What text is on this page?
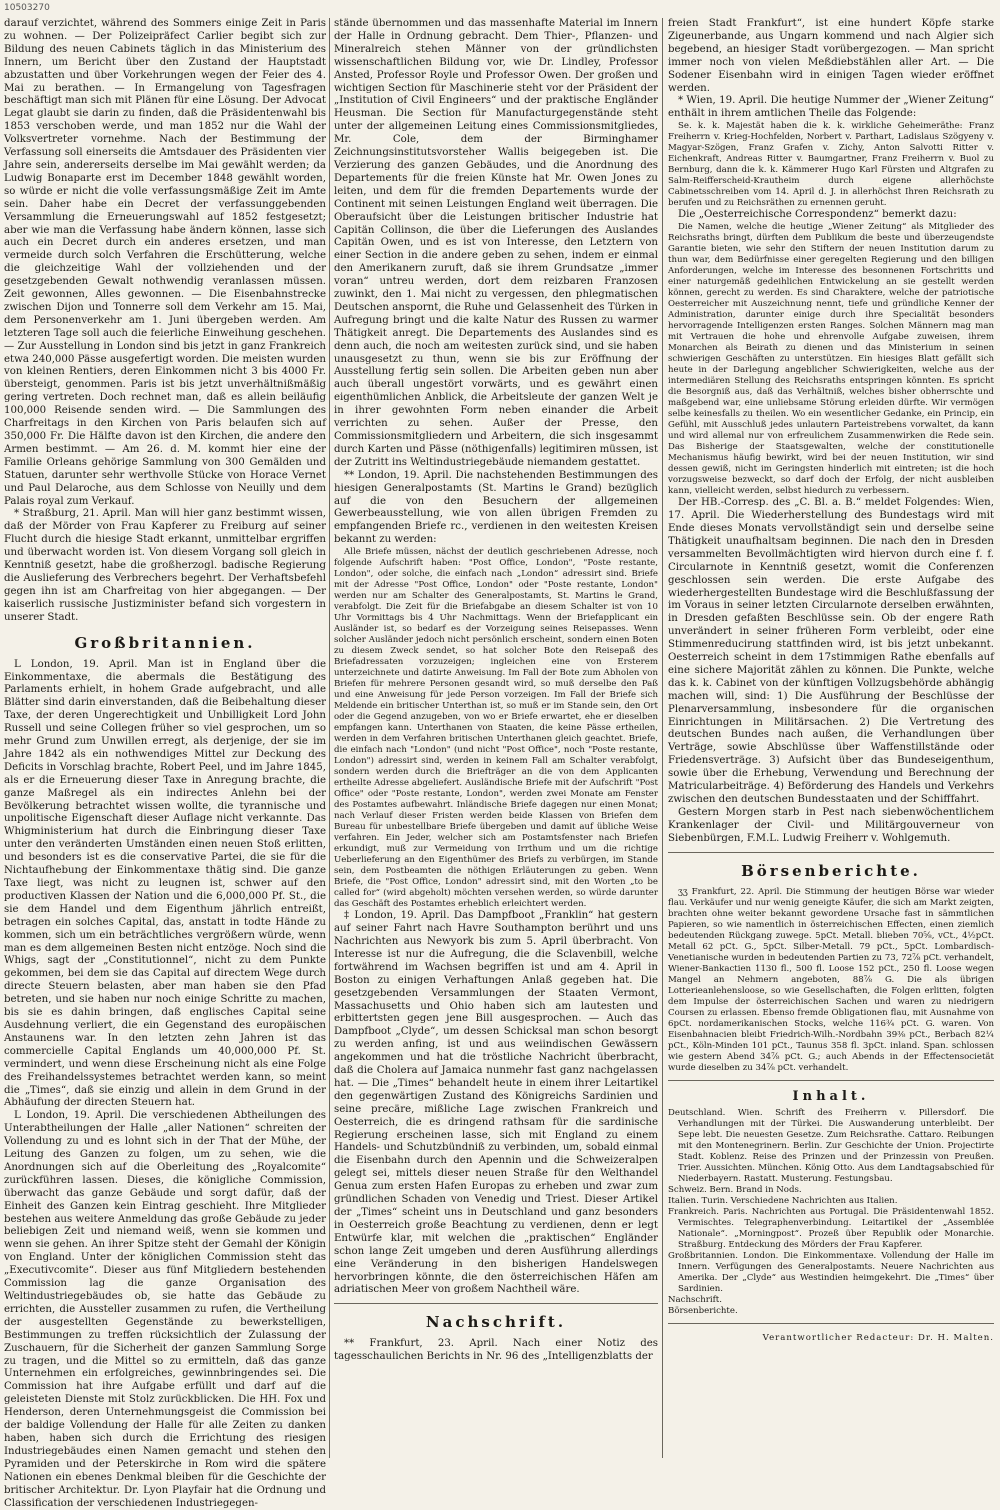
10503270

darauf verzichtet, während des Sommers einige Zeit in Paris zu wohnen. — Der Polizeipräfect Carlier begibt sich zur Bildung des neuen Cabinets täglich in das Ministerium des Innern, um Bericht über den Zustand der Hauptstadt abzustatten und über Vorkehrungen wegen der Feier des 4. Mai zu berathen. — In Ermangelung von Tagesfragen beschäftigt man sich mit Plänen für eine Lösung. Der Advocat Legat glaubt sie darin zu finden, daß die Präsidentenwahl bis 1853 verschoben werde, und man 1852 nur die Wahl der Volksvertreter vornehme. Nach der Bestimmung der Verfassung soll einerseits die Amtsdauer des Präsidenten vier Jahre sein, andererseits derselbe im Mai gewählt werden; da Ludwig Bonaparte erst im December 1848 gewählt worden, so würde er nicht die volle verfassungsmäßige Zeit im Amte sein. Daher habe ein Decret der verfassunggebenden Versammlung die Erneuerungswahl auf 1852 festgesetzt; aber wie man die Verfassung habe ändern können, lasse sich auch ein Decret durch ein anderes ersetzen, und man vermeide durch solch Verfahren die Erschütterung, welche die gleichzeitige Wahl der vollziehenden und der gesetzgebenden Gewalt nothwendig veranlassen müssen. Zeit gewonnen, Alles gewonnen. — Die Eisenbahnstrecke zwischen Dijon und Tonnerre soll dem Verkehr am 15. Mai, dem Personenverkehr am 1. Juni übergeben werden. Am letzteren Tage soll auch die feierliche Einweihung geschehen. — Zur Ausstellung in London sind bis jetzt in ganz Frankreich etwa 240,000 Pässe ausgefertigt worden. Die meisten wurden von kleinen Rentiers, deren Einkommen nicht 3 bis 4000 Fr. übersteigt, genommen. Paris ist bis jetzt unverhältnißmäßig gering vertreten. Doch rechnet man, daß es allein beiläufig 100,000 Reisende senden wird. — Die Sammlungen des Charfreitags in den Kirchen von Paris belaufen sich auf 350,000 Fr. Die Hälfte davon ist den Kirchen, die andere den Armen bestimmt. — Am 26. d. M. kommt hier eine der Familie Orleans gehörige Sammlung von 300 Gemälden und Statuen, darunter sehr werthvolle Stücke von Horace Vernet und Paul Delaroche, aus dem Schlosse von Neuilly und dem Palais royal zum Verkauf.

* Straßburg, 21. April. Man will hier ganz bestimmt wissen, daß der Mörder von Frau Kapferer zu Freiburg auf seiner Flucht durch die hiesige Stadt erkannt, unmittelbar ergriffen und überwacht worden ist. Von diesem Vorgang soll gleich in Kenntniß gesetzt, habe die großherzogl. badische Regierung die Auslieferung des Verbrechers begehrt. Der Verhaftsbefehl gegen ihn ist am Charfreitag von hier abgegangen. — Der kaiserlich russische Justizminister befand sich vorgestern in unserer Stadt.

Großbritannien.

L London, 19. April. Man ist in England über die Einkommentaxe, die abermals die Bestätigung des Parlaments erhielt, in hohem Grade aufgebracht, und alle Blätter sind darin einverstanden, daß die Beibehaltung dieser Taxe, der deren Ungerechtigkeit und Unbilligkeit Lord John Russell und seine Collegen früher so viel gesprochen, um so mehr Grund zum Unwillen erregt, als derjenige, der sie im Jahre 1842 als ein nothwendiges Mittel zur Deckung des Deficits in Vorschlag brachte, Robert Peel, und im Jahre 1845, als er die Erneuerung dieser Taxe in Anregung brachte, die ganze Maßregel als ein indirectes Anlehn bei der Bevölkerung betrachtet wissen wollte, die tyrannische und unpolitische Eigenschaft dieser Auflage nicht verkannte. Das Whigministerium hat durch die Einbringung dieser Taxe unter den veränderten Umständen einen neuen Stoß erlitten, und besonders ist es die conservative Partei, die sie für die Nichtaufhebung der Einkommentaxe thätig sind. Die ganze Taxe liegt, was nicht zu leugnen ist, schwer auf den productiven Klassen der Nation und die 6,000,000 Pf. St., die sie dem Handel und dem Eigenthum jährlich entreißt, betragen ein solches Capital, das, anstatt in todte Hände zu kommen, sich um ein beträchtliches vergrößern würde, wenn man es dem allgemeinen Besten nicht entzöge. Noch sind die Whigs, sagt der „Constitutionnel“, nicht zu dem Punkte gekommen, bei dem sie das Capital auf directem Wege durch directe Steuern belasten, aber man haben sie den Pfad betreten, und sie haben nur noch einige Schritte zu machen, bis sie es dahin bringen, daß englisches Capital seine Ausdehnung verliert, die ein Gegenstand des europäischen Anstaunens war. In den letzten zehn Jahren ist das commercielle Capital Englands um 40,000,000 Pf. St. vermindert, und wenn diese Erscheinung nicht als eine Folge des Freihandelssystemes betrachtet werden kann, so meint die „Times“, daß sie einzig und allein in dem Grund in der Abhäufung der directen Steuern hat.

L London, 19. April. Die verschiedenen Abtheilungen des Unterabtheilungen der Halle „aller Nationen“ schreiten der Vollendung zu und es lohnt sich in der That der Mühe, der Leitung des Ganzen zu folgen, um zu sehen, wie die Anordnungen sich auf die Oberleitung des „Royalcomite“ zurückführen lassen. Dieses, die königliche Commission, überwacht das ganze Gebäude und sorgt dafür, daß der Einheit des Ganzen kein Eintrag geschieht. Ihre Mitglieder bestehen aus weitere Anmeldung das große Gebäude zu jeder beliebigen Zeit und niemand weiß, wenn sie kommen und wenn sie gehen. An ihrer Spitze steht der Gemahl der Königin von England. Unter der königlichen Commission steht das „Executivcomite“. Dieser aus fünf Mitgliedern bestehenden Commission lag die ganze Organisation des Weltindustriegebäudes ob, sie hatte das Gebäude zu errichten, die Aussteller zusammen zu rufen, die Vertheilung der ausgestellten Gegenstände zu bewerkstelligen, Bestimmungen zu treffen rücksichtlich der Zulassung der Zuschauern, für die Sicherheit der ganzen Sammlung Sorge zu tragen, und die Mittel so zu ermitteln, daß das ganze Unternehmen ein erfolgreiches, gewinnbringendes sei. Die Commission hat ihre Aufgabe erfüllt und darf auf die geleisteten Dienste mit Stolz zurückblicken. Die HH. Fox und Henderson, deren Unternehmungsgeist die Commission bei der baldige Vollendung der Halle für alle Zeiten zu danken haben, haben sich durch die Errichtung des riesigen Industriegebäudes einen Namen gemacht und stehen den Pyramiden und der Peterskirche in Rom wird die spätere Nationen ein ebenes Denkmal bleiben für die Geschichte der britischer Architektur. Dr. Lyon Playfair hat die Ordnung und Classification der verschiedenen Industriegegen-

stände übernommen und das massenhafte Material im Innern der Halle in Ordnung gebracht. Dem Thier-, Pflanzen- und Mineralreich stehen Männer von der gründlichsten wissenschaftlichen Bildung vor, wie Dr. Lindley, Professor Ansted, Professor Royle und Professor Owen. Der großen und wichtigen Section für Maschinerie steht vor der Präsident der „Institution of Civil Engineers“ und der praktische Engländer Heusman. Die Section für Manufacturgegenstände steht unter der allgemeinen Leitung eines Commissionsmitgliedes, Mr. Cole, dem der Birminghamer Zeichnungsinstitutsvorsteher Wallis beigegeben ist. Die Verzierung des ganzen Gebäudes, und die Anordnung des Departements für die freien Künste hat Mr. Owen Jones zu leiten, und dem für die fremden Departements wurde der Continent mit seinen Leistungen England weit überragen. Die Oberaufsicht über die Leistungen britischer Industrie hat Capitän Collinson, die über die Lieferungen des Auslandes Capitän Owen, und es ist von Interesse, den Letztern von einer Section in die andere geben zu sehen, indem er einmal den Amerikanern zuruft, daß sie ihrem Grundsatze „immer voran“ untreu werden, dort dem reizbaren Franzosen zuwinkt, den 1. Mai nicht zu vergessen, den phlegmatischen Deutschen anspornt, die Ruhe und Gelassenheit des Türken in Aufregung bringt und die kalte Natur des Russen zu warmer Thätigkeit anregt. Die Departements des Auslandes sind es denn auch, die noch am weitesten zurück sind, und sie haben unausgesetzt zu thun, wenn sie bis zur Eröffnung der Ausstellung fertig sein sollen. Die Arbeiten geben nun aber auch überall ungestört vorwärts, und es gewährt einen eigenthümlichen Anblick, die Arbeitsleute der ganzen Welt je in ihrer gewohnten Form neben einander die Arbeit verrichten zu sehen. Außer der Presse, den Commissionsmitgliedern und Arbeitern, die sich insgesammt durch Karten und Pässe (nöthigenfalls) legitimiren müssen, ist der Zutritt ins Weltindustriegebäude niemandem gestattet.

** London, 19. April. Die nachstehenden Bestimmungen des hiesigen Generalpostamts (St. Martins le Grand) bezüglich auf die von den Besuchern der allgemeinen Gewerbeausstellung, wie von allen übrigen Fremden zu empfangenden Briefe rc., verdienen in den weitesten Kreisen bekannt zu werden:

Alle Briefe müssen, nächst der deutlich geschriebenen Adresse, noch folgende Aufschrift haben: "Post Office, London", "Poste restante, London", oder solche, die einfach nach „London“ adressirt sind. Briefe mit der Adresse "Post Office, London" oder "Poste restante, London" werden nur am Schalter des Generalpostamts, St. Martins le Grand, verabfolgt. Die Zeit für die Briefabgabe an diesem Schalter ist von 10 Uhr Vormittags bis 4 Uhr Nachmittags. Wenn der Briefapplicant ein Ausländer ist, so bedarf es der Vorzeigung seines Reisepasses. Wenn solcher Ausländer jedoch nicht persönlich erscheint, sondern einen Boten zu diesem Zweck sendet, so hat solcher Bote den Reisepaß des Briefadressaten vorzuzeigen; ingleichen eine von Ersterem unterzeichnete und datirte Anweisung. Im Fall der Bote zum Abholen von Briefen für mehrere Personen gesandt wird, so muß derselbe den Paß und eine Anweisung für jede Person vorzeigen. Im Fall der Briefe sich Meldende ein britischer Unterthan ist, so muß er im Stande sein, den Ort oder die Gegend anzugeben, von wo er Briefe erwartet, ehe er dieselben empfangen kann. Unterthanen von Staaten, die keine Pässe ertheilen, werden in dem Verfahren britischen Unterthanen gleich geachtet. Briefe, die einfach nach "London" (und nicht "Post Office", noch "Poste restante, London") adressirt sind, werden in keinem Fall am Schalter verabfolgt, sondern werden durch die Briefträger an die von dem Applicanten ertheilte Adresse abgeliefert. Ausländische Briefe mit der Aufschrift "Post Office" oder "Poste restante, London", werden zwei Monate am Fenster des Postamtes aufbewahrt. Inländische Briefe dagegen nur einen Monat; nach Verlauf dieser Fristen werden beide Klassen von Briefen dem Bureau für unbestellbare Briefe übergeben und damit auf übliche Weise verfahren. Ein Jeder, welcher sich am Postamtsfenster nach Briefen erkundigt, muß zur Vermeidung von Irrthum und um die richtige Ueberlieferung an den Eigenthümer des Briefs zu verbürgen, im Stande sein, dem Postbeamten die nöthigen Erläuterungen zu geben. Wenn Briefe, die "Post Office, London" adressirt sind, mit den Worten „to be called for“ (wird abgeholt) möchten versehen werden, so würde darunter das Geschäft des Postamtes erheblich erleichtert werden.

‡ London, 19. April. Das Dampfboot „Franklin“ hat gestern auf seiner Fahrt nach Havre Southampton berührt und uns Nachrichten aus Newyork bis zum 5. April überbracht. Von Interesse ist nur die Aufregung, die die Sclavenbill, welche fortwährend im Wachsen begriffen ist und am 4. April in Boston zu einigen Verhaftungen Anlaß gegeben hat. Die gesetzgebenden Versammlungen der Staaten Vermont, Massachusetts und Ohio haben sich am lautesten und erbittertsten gegen jene Bill ausgesprochen. — Auch das Dampfboot „Clyde“, um dessen Schicksal man schon besorgt zu werden anfing, ist und aus weiindischen Gewässern angekommen und hat die tröstliche Nachricht überbracht, daß die Cholera auf Jamaica nunmehr fast ganz nachgelassen hat. — Die „Times“ behandelt heute in einem ihrer Leitartikel den gegenwärtigen Zustand des Königreichs Sardinien und seine precäre, mißliche Lage zwischen Frankreich und Oesterreich, die es dringend rathsam für die sardinische Regierung erscheinen lasse, sich mit England zu einem Handels- und Schutzbündniß zu verbinden, um, sobald einmal die Eisenbahn durch den Apennin und die Schweizeralpen gelegt sei, mittels dieser neuen Straße für den Welthandel Genua zum ersten Hafen Europas zu erheben und zwar zum gründlichen Schaden von Venedig und Triest. Dieser Artikel der „Times“ scheint uns in Deutschland und ganz besonders in Oesterreich große Beachtung zu verdienen, denn er legt Entwürfe klar, mit welchen die „praktischen“ Engländer schon lange Zeit umgeben und deren Ausführung allerdings eine Veränderung in den bisherigen Handelswegen hervorbringen könnte, die den österreichischen Häfen am adriatischen Meer von großem Nachtheil wäre.

Nachschrift.

** Frankfurt, 23. April. Nach einer Notiz des tagesschaulichen Berichts in Nr. 96 des „Intelligenzblatts der

freien Stadt Frankfurt“, ist eine hundert Köpfe starke Zigeunerbande, aus Ungarn kommend und nach Algier sich begebend, an hiesiger Stadt vorübergezogen. — Man spricht immer noch von vielen Meßdiebstählen aller Art. — Die Sodener Eisenbahn wird in einigen Tagen wieder eröffnet werden.

* Wien, 19. April. Die heutige Nummer der „Wiener Zeitung“ enthält in ihrem amtlichen Theile das Folgende:

Se. k. k. Majestät haben die k. k. wirkliche Geheimeräthe: Franz Freiherrn v. Krieg-Hochfelden, Norbert v. Parthart, Ladislaus Szögyeny v. Magyar-Szögen, Franz Grafen v. Zichy, Anton Salvotti Ritter v. Eichenkraft, Andreas Ritter v. Baumgartner, Franz Freiherrn v. Buol zu Bernburg, dann die k. k. Kämmerer Hugo Karl Fürsten und Altgrafen zu Salm-Reifferscheid-Krautheim durch eigene allerhöchste Cabinetsschreiben vom 14. April d. J. in allerhöchst Ihren Reichsrath zu berufen und zu Reichsräthen zu ernennen geruht.

Die „Oesterreichische Correspondenz“ bemerkt dazu:

Die Namen, welche die heutige „Wiener Zeitung“ als Mitglieder des Reichsraths bringt, dürften dem Publikum die beste und überzeugendste Garantie bieten, wie sehr den Stiftern der neuen Institution darum zu thun war, dem Bedürfnisse einer geregelten Regierung und den billigen Anforderungen, welche im Interesse des besonnenen Fortschritts und einer naturgemäß gedeihlichen Entwickelung an sie gestellt werden können, gerecht zu werden. Es sind Charaktere, welche der patriotische Oesterreicher mit Auszeichnung nennt, tiefe und gründliche Kenner der Administration, darunter einige durch ihre Specialität besonders hervorragende Intelligenzen ersten Ranges. Solchen Männern mag man mit Vertrauen die hohe und ehrenvolle Aufgabe zuweisen, ihrem Monarchen als Beirath zu dienen und das Ministerium in seinen schwierigen Geschäften zu unterstützen. Ein hiesiges Blatt gefällt sich heute in der Darlegung angeblicher Schwierigkeiten, welche aus der intermediären Stellung des Reichsraths entspringen könnten. Es spricht die Besorgniß aus, daß das Verhältniß, welches bisher obherrschte und maßgebend war, eine unliebsame Störung erleiden dürfte. Wir vermögen selbe keinesfalls zu theilen. Wo ein wesentlicher Gedanke, ein Princip, ein Gefühl, mit Ausschluß jedes unlautern Parteistrebens vorwaltet, da kann und wird allemal nur von erfreulichem Zusammenwirken die Rede sein. Das Bisherige der Staatsgewalten, welche der constitutionelle Mechanismus häufig bewirkt, wird bei der neuen Institution, wir sind dessen gewiß, nicht im Geringsten hinderlich mit eintreten; ist die hoch vorzugsweise bezweckt, so darf doch der Erfolg, der nicht ausbleiben kann, vielleicht werden, selbst hiedurch zu verbessern.

Der HB.-Corresp. des „C. Bl. a. B.“ meldet Folgendes: Wien, 17. April. Die Wiederherstellung des Bundestags wird mit Ende dieses Monats vervollständigt sein und derselbe seine Thätigkeit unaufhaltsam beginnen. Die nach den in Dresden versammelten Bevollmächtigten wird hiervon durch eine f. f. Circularnote in Kenntniß gesetzt, womit die Conferenzen geschlossen sein werden. Die erste Aufgabe des wiederhergestellten Bundestage wird die Beschlußfassung der im Voraus in seiner letzten Circularnote derselben erwähnten, in Dresden gefaßten Beschlüsse sein. Ob der engere Rath unverändert in seiner früheren Form verbleibt, oder eine Stimmenreducirung stattfinden wird, ist bis jetzt unbekannt. Oesterreich scheint in dem 17stimmigen Rathe ebenfalls auf eine sichere Majorität zählen zu können. Die Punkte, welche das k. k. Cabinet von der künftigen Vollzugsbehörde abhängig machen will, sind: 1) Die Ausführung der Beschlüsse der Plenarversammlung, insbesondere für die organischen Einrichtungen in Militärsachen. 2) Die Vertretung des deutschen Bundes nach außen, die Verhandlungen über Verträge, sowie Abschlüsse über Waffenstillstände oder Friedensverträge. 3) Aufsicht über das Bundeseigenthum, sowie über die Erhebung, Verwendung und Berechnung der Matricularbeiträge. 4) Beförderung des Handels und Verkehrs zwischen den deutschen Bundesstaaten und der Schifffahrt.

Gestern Morgen starb in Pest nach siebenwöchentlichem Krankenlager der Civil- und Militärgouverneur von Siebenbürgen, F.M.L. Ludwig Freiherr v. Wohlgemuth.

Börsenberichte.

ʒʒ Frankfurt, 22. April. Die Stimmung der heutigen Börse war wieder flau. Verkäufer und nur wenig geneigte Käufer, die sich am Markt zeigten, brachten ohne weiter bekannt gewordene Ursache fast in sämmtlichen Papieren, so wie namentlich in österreichischen Effecten, einen ziemlich bedeutenden Rückgang zuwege. 5pCt. Metall. blieben 70⅝, vCt., 4½pCt. Metall 62 pCt. G., 5pCt. Silber-Metall. 79 pCt., 5pCt. Lombardisch-Venetianische wurden in bedeutenden Partien zu 73, 72⅞ pCt. verhandelt, Wiener-Bankactien 1130 fl., 500 fl. Loose 152 pCt., 250 fl. Loose wegen Mangel an Nehmern angeboten, 88⅞ G. Die als übrigen Lotterieanlehensloose, so wie Gesellschaften, die Folgen erlitten, folgten dem Impulse der österreichischen Sachen und waren zu niedrigern Coursen zu erlassen. Ebenso fremde Obligationen flau, mit Ausnahme von 6pCt. nordamerikanischen Stocks, welche 116¾ pCt. G. waren. Von Eisenbahnacien bleibt Friedrich-Wilh.-Nordbahn 39⅜ pCt., Berbach 82¼ pCt., Köln-Minden 101 pCt., Taunus 358 fl. 3pCt. inland. Span. schlossen wie gestern Abend 34⅞ pCt. G.; auch Abends in der Effectensocietät wurde dieselben zu 34⅞ pCt. verhandelt.

Inhalt.

Deutschland. Wien. Schrift des Freiherrn v. Pillersdorf. Die Verhandlungen mit der Türkei. Die Auswanderung unterbleibt. Der Sepe lebt. Die neuesten Gesetze. Zum Reichsrathe. Cattaro. Reibungen mit den Montenegrinern. Berlin. Zur Geschichte der Union. Projectirte Stadt. Koblenz. Reise des Prinzen und der Prinzessin von Preußen. Trier. Aussichten. München. König Otto. Aus dem Landtagsabschied für Niederbayern. Rastatt. Musterung. Festungsbau.

Schweiz. Bern. Brand in Nods.

Italien. Turin. Verschiedene Nachrichten aus Italien.

Frankreich. Paris. Nachrichten aus Portugal. Die Präsidentenwahl 1852. Vermischtes. Telegraphenverbindung. Leitartikel der „Assemblée Nationale“. „Morningpost“. Prozeß über Republik oder Monarchie. Straßburg. Entdeckung des Mörders der Frau Kapferer.

Großbritannien. London. Die Einkommentaxe. Vollendung der Halle im Innern. Verfügungen des Generalpostamts. Neuere Nachrichten aus Amerika. Der „Clyde“ aus Westindien heimgekehrt. Die „Times“ über Sardinien.

Nachschrift.

Börsenberichte.

Verantwortlicher Redacteur: Dr. H. Malten.
